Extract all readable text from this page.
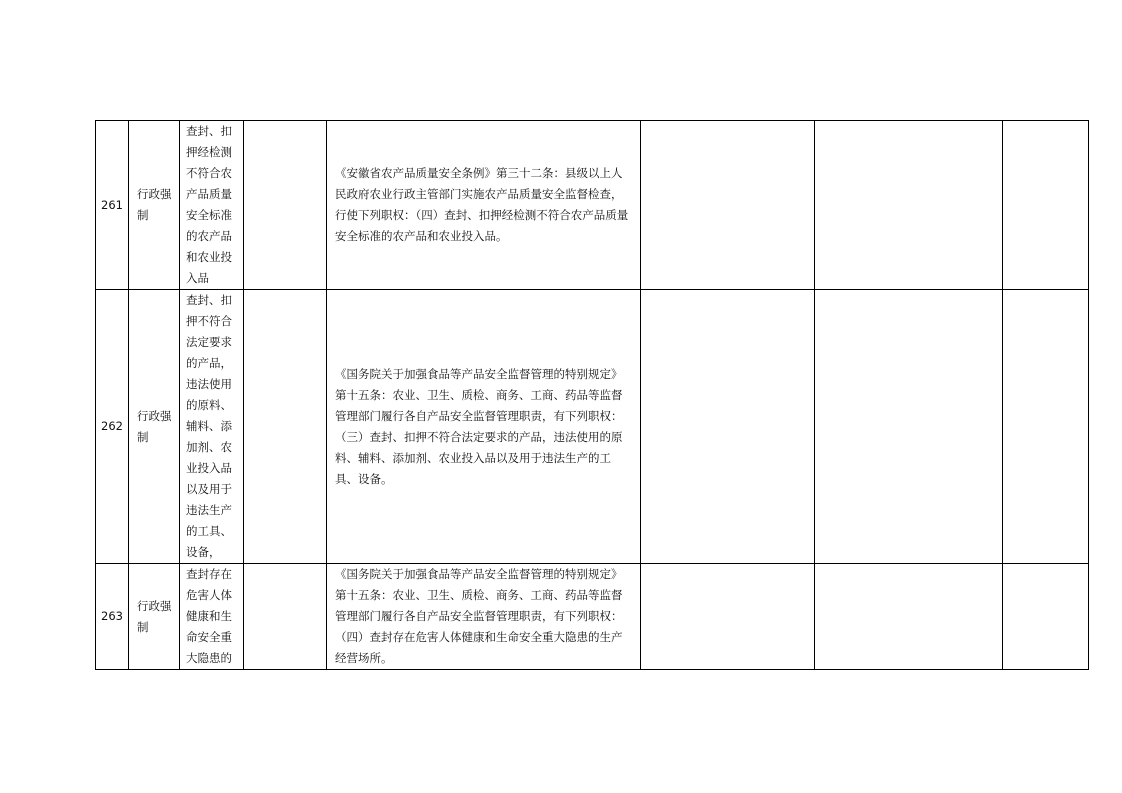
261	行政强制	查封、扣押经检测不符合农产品质量安全标准的农产品和农业投入品		《安徽省农产品质量安全条例》第三十二条：县级以上人民政府农业行政主管部门实施农产品质量安全监督检查，行使下列职权：（四）查封、扣押经检测不符合农产品质量安全标准的农产品和农业投入品。			
262	行政强制	查封、扣押不符合法定要求的产品，违法使用的原料、辅料、添加剂、农业投入品以及用于违法生产的工具、设备，		《国务院关于加强食品等产品安全监督管理的特别规定》第十五条：农业、卫生、质检、商务、工商、药品等监督管理部门履行各自产品安全监督管理职责，有下列职权：（三）查封、扣押不符合法定要求的产品，违法使用的原料、辅料、添加剂、农业投入品以及用于违法生产的工具、设备。			
263	行政强制	查封存在危害人体健康和生命安全重大隐患的		《国务院关于加强食品等产品安全监督管理的特别规定》第十五条：农业、卫生、质检、商务、工商、药品等监督管理部门履行各自产品安全监督管理职责，有下列职权：（四）查封存在危害人体健康和生命安全重大隐患的生产经营场所。			
